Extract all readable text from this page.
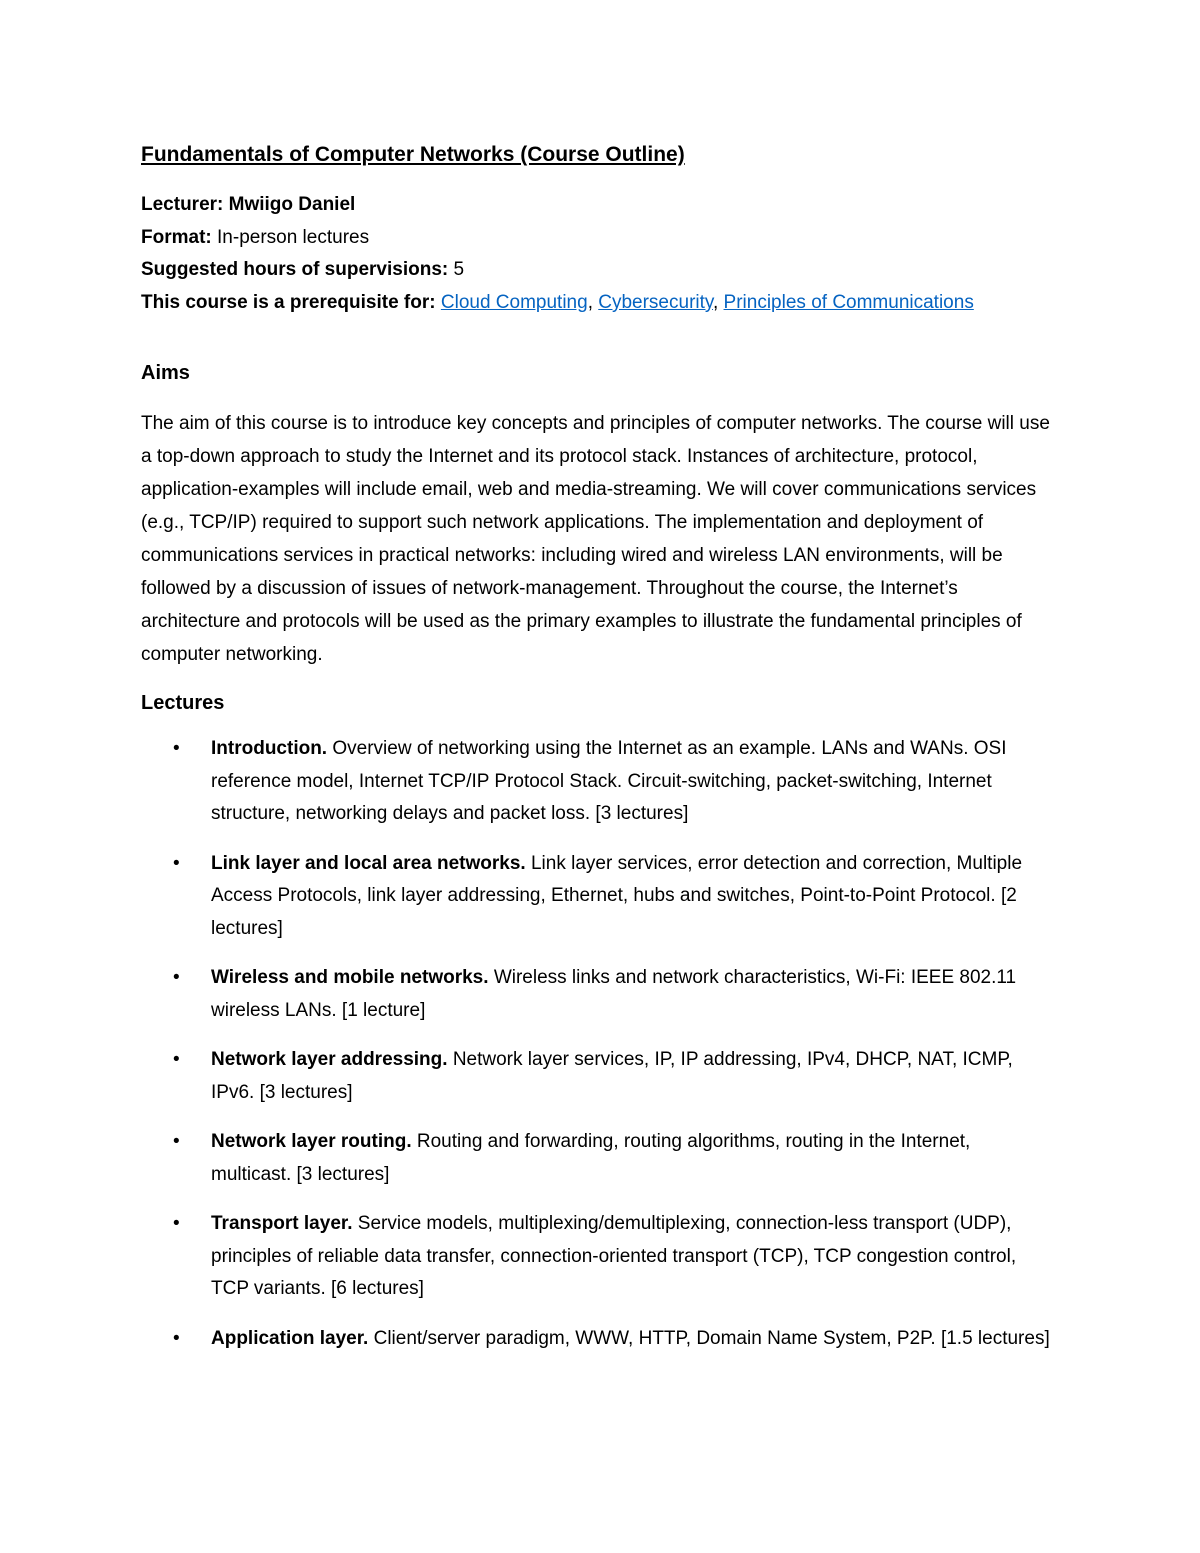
Fundamentals of Computer Networks (Course Outline)

Lecturer: Mwiigo Daniel

Format: In-person lectures

Suggested hours of supervisions: 5

This course is a prerequisite for: Cloud Computing, Cybersecurity, Principles of Communications

Aims

The aim of this course is to introduce key concepts and principles of computer networks. The course will use a top-down approach to study the Internet and its protocol stack. Instances of architecture, protocol, application-examples will include email, web and media-streaming. We will cover communications services (e.g., TCP/IP) required to support such network applications. The implementation and deployment of communications services in practical networks: including wired and wireless LAN environments, will be followed by a discussion of issues of network-management. Throughout the course, the Internet’s architecture and protocols will be used as the primary examples to illustrate the fundamental principles of computer networking.

Lectures
• Introduction. Overview of networking using the Internet as an example. LANs and WANs. OSI reference model, Internet TCP/IP Protocol Stack. Circuit-switching, packet-switching, Internet structure, networking delays and packet loss. [3 lectures]
• Link layer and local area networks. Link layer services, error detection and correction, Multiple Access Protocols, link layer addressing, Ethernet, hubs and switches, Point-to-Point Protocol. [2 lectures]
• Wireless and mobile networks. Wireless links and network characteristics, Wi-Fi: IEEE 802.11 wireless LANs. [1 lecture]
• Network layer addressing. Network layer services, IP, IP addressing, IPv4, DHCP, NAT, ICMP, IPv6. [3 lectures]
• Network layer routing. Routing and forwarding, routing algorithms, routing in the Internet, multicast. [3 lectures]
• Transport layer. Service models, multiplexing/demultiplexing, connection-less transport (UDP), principles of reliable data transfer, connection-oriented transport (TCP), TCP congestion control, TCP variants. [6 lectures]
• Application layer. Client/server paradigm, WWW, HTTP, Domain Name System, P2P. [1.5 lectures]
